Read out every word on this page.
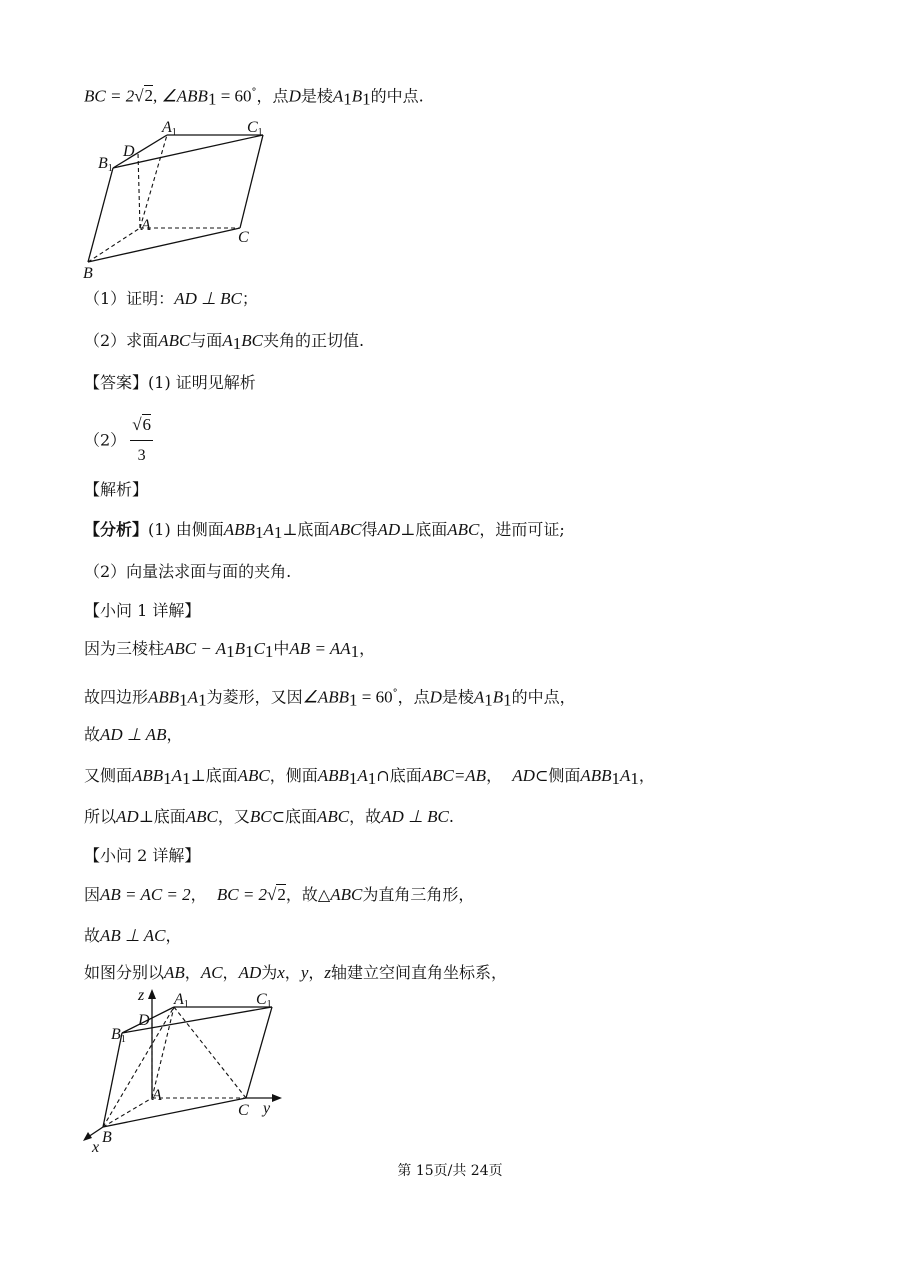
BC = 2√2, $\angle ABB_1 = 60^\circ$，点D是棱$A_1B_1$的中点.
A1	C1
D
B1
A
C
B
（1）证明：AD ⊥ BC；
（2）求面ABC与面$A_1BC$夹角的正切值.
【答案】(1) 证明见解析
$(2) \frac{√6}{3}$
【解析】
【分析】(1) 由侧面$ABB_1A_1\perp$底面ABC得AD⊥底面ABC，进而可证;
（2）向量法求面与面的夹角.
【小问 1 详解】
因为三棱柱ABC − $A_1B_1C_1$中AB = $AA_1$，
故四边形$ABB_1A_1$为菱形，又因$\angle ABB_1 = 60^\circ$，点D是棱$A_1B_1$的中点，
故AD ⊥ AB，
又侧面$ABB_1A_1\perp$底面ABC，侧面$ABB_1A_1\cap$底面ABC=AB， AD⊂侧面$ABB_1A_1$，
所以AD⊥底面ABC，又BC⊂底面ABC，故AD ⊥ BC.
【小问 2 详解】
因AB = AC = 2， BC = 2√2，故△ABC为直角三角形，
故AB ⊥ AC，
如图分别以AB，AC，AD为x，y，z轴建立空间直角坐标系，
z A1	C1
D
B1
A
C y
B
x
第 15页/共 24页
